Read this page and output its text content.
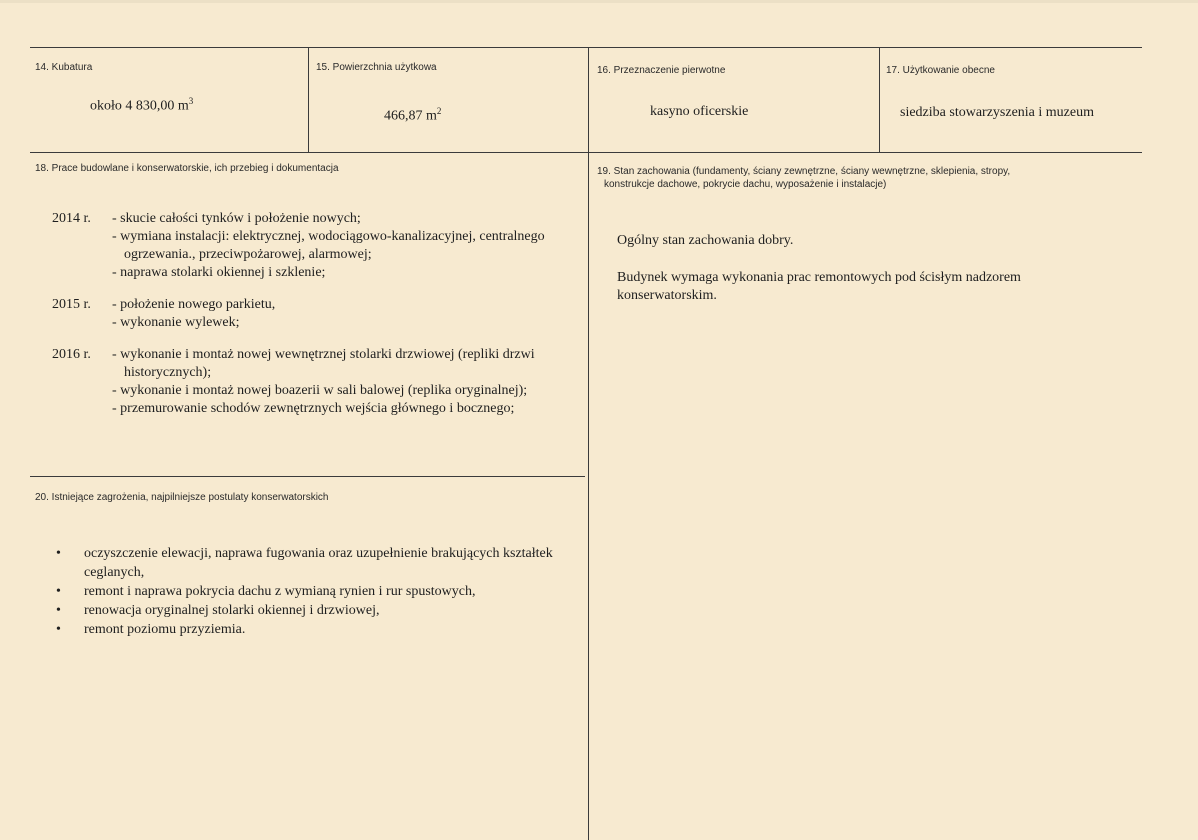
14. Kubatura
około 4 830,00 $m^3$
15. Powierzchnia użytkowa
466,87 $m^2$
16. Przeznaczenie pierwotne
kasyno oficerskie
17. Użytkowanie obecne
siedziba stowarzyszenia i muzeum
18. Prace budowlane i konserwatorskie, ich przebieg i dokumentacja
2014 r.	- skucie całości tynków i położenie nowych;
- wymiana instalacji: elektrycznej, wodociągowo-kanalizacyjnej, centralnego ogrzewania., przeciwpożarowej, alarmowej;
- naprawa stolarki okiennej i szklenie;
2015 r.	- położenie nowego parkietu,
- wykonanie wylewek;
2016 r.	- wykonanie i montaż nowej wewnętrznej stolarki drzwiowej (repliki drzwi historycznych);
- wykonanie i montaż nowej boazerii w sali balowej (replika oryginalnej);
- przemurowanie schodów zewnętrznych wejścia głównego i bocznego;
19. Stan zachowania (fundamenty, ściany zewnętrzne, ściany wewnętrzne, sklepienia, stropy,
konstrukcje dachowe, pokrycie dachu, wyposażenie i instalacje)
Ogólny stan zachowania dobry.
Budynek wymaga wykonania prac remontowych pod ścisłym nadzorem konserwatorskim.
20. Istniejące zagrożenia, najpilniejsze postulaty konserwatorskich
• oczyszczenie elewacji, naprawa fugowania oraz uzupełnienie brakujących kształtek ceglanych,
• remont i naprawa pokrycia dachu z wymianą rynien i rur spustowych,
• renowacja oryginalnej stolarki okiennej i drzwiowej,
• remont poziomu przyziemia.
